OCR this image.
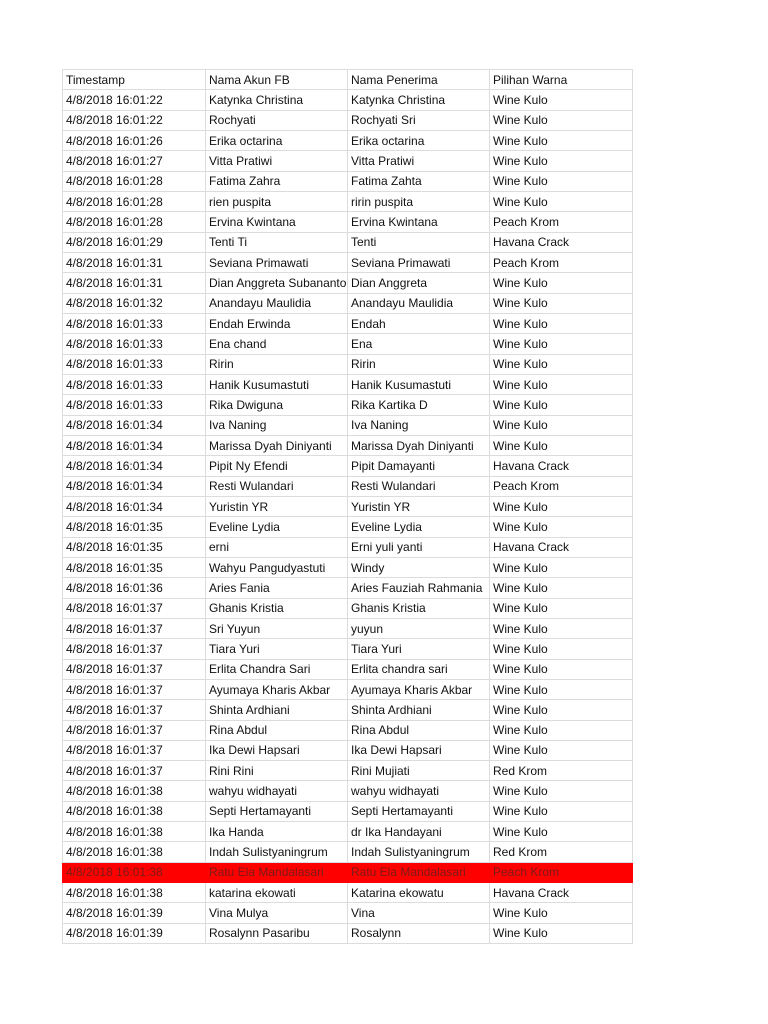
Timestamp	Nama Akun FB	Nama Penerima	Pilihan Warna
4/8/2018 16:01:22	Katynka Christina	Katynka Christina	Wine Kulo
4/8/2018 16:01:22	Rochyati	Rochyati Sri	Wine Kulo
4/8/2018 16:01:26	Erika octarina	Erika octarina	Wine Kulo
4/8/2018 16:01:27	Vitta Pratiwi	Vitta Pratiwi	Wine Kulo
4/8/2018 16:01:28	Fatima Zahra	Fatima Zahta	Wine Kulo
4/8/2018 16:01:28	rien puspita	ririn puspita	Wine Kulo
4/8/2018 16:01:28	Ervina Kwintana	Ervina Kwintana	Peach Krom
4/8/2018 16:01:29	Tenti Ti	Tenti	Havana Crack
4/8/2018 16:01:31	Seviana Primawati	Seviana Primawati	Peach Krom
4/8/2018 16:01:31	Dian Anggreta Subananto	Dian Anggreta	Wine Kulo
4/8/2018 16:01:32	Anandayu Maulidia	Anandayu Maulidia	Wine Kulo
4/8/2018 16:01:33	Endah Erwinda	Endah	Wine Kulo
4/8/2018 16:01:33	Ena chand	Ena	Wine Kulo
4/8/2018 16:01:33	Ririn	Ririn	Wine Kulo
4/8/2018 16:01:33	Hanik Kusumastuti	Hanik Kusumastuti	Wine Kulo
4/8/2018 16:01:33	Rika Dwiguna	Rika Kartika D	Wine Kulo
4/8/2018 16:01:34	Iva Naning	Iva Naning	Wine Kulo
4/8/2018 16:01:34	Marissa Dyah Diniyanti	Marissa Dyah Diniyanti	Wine Kulo
4/8/2018 16:01:34	Pipit Ny Efendi	Pipit Damayanti	Havana Crack
4/8/2018 16:01:34	Resti Wulandari	Resti Wulandari	Peach Krom
4/8/2018 16:01:34	Yuristin YR	Yuristin YR	Wine Kulo
4/8/2018 16:01:35	Eveline Lydia	Eveline Lydia	Wine Kulo
4/8/2018 16:01:35	erni	Erni yuli yanti	Havana Crack
4/8/2018 16:01:35	Wahyu Pangudyastuti	Windy	Wine Kulo
4/8/2018 16:01:36	Aries Fania	Aries Fauziah Rahmania	Wine Kulo
4/8/2018 16:01:37	Ghanis Kristia	Ghanis Kristia	Wine Kulo
4/8/2018 16:01:37	Sri Yuyun	yuyun	Wine Kulo
4/8/2018 16:01:37	Tiara Yuri	Tiara Yuri	Wine Kulo
4/8/2018 16:01:37	Erlita Chandra Sari	Erlita chandra sari	Wine Kulo
4/8/2018 16:01:37	Ayumaya Kharis Akbar	Ayumaya Kharis Akbar	Wine Kulo
4/8/2018 16:01:37	Shinta Ardhiani	Shinta Ardhiani	Wine Kulo
4/8/2018 16:01:37	Rina Abdul	Rina Abdul	Wine Kulo
4/8/2018 16:01:37	Ika Dewi Hapsari	Ika Dewi Hapsari	Wine Kulo
4/8/2018 16:01:37	Rini Rini	Rini Mujiati	Red Krom
4/8/2018 16:01:38	wahyu widhayati	wahyu widhayati	Wine Kulo
4/8/2018 16:01:38	Septi Hertamayanti	Septi Hertamayanti	Wine Kulo
4/8/2018 16:01:38	Ika Handa	dr Ika Handayani	Wine Kulo
4/8/2018 16:01:38	Indah Sulistyaningrum	Indah Sulistyaningrum	Red Krom
4/8/2018 16:01:38	Ratu Ela Mandalasari	Ratu Ela Mandalasari	Peach Krom
4/8/2018 16:01:38	katarina ekowati	Katarina ekowatu	Havana Crack
4/8/2018 16:01:39	Vina Mulya	Vina	Wine Kulo
4/8/2018 16:01:39	Rosalynn Pasaribu	Rosalynn	Wine Kulo
